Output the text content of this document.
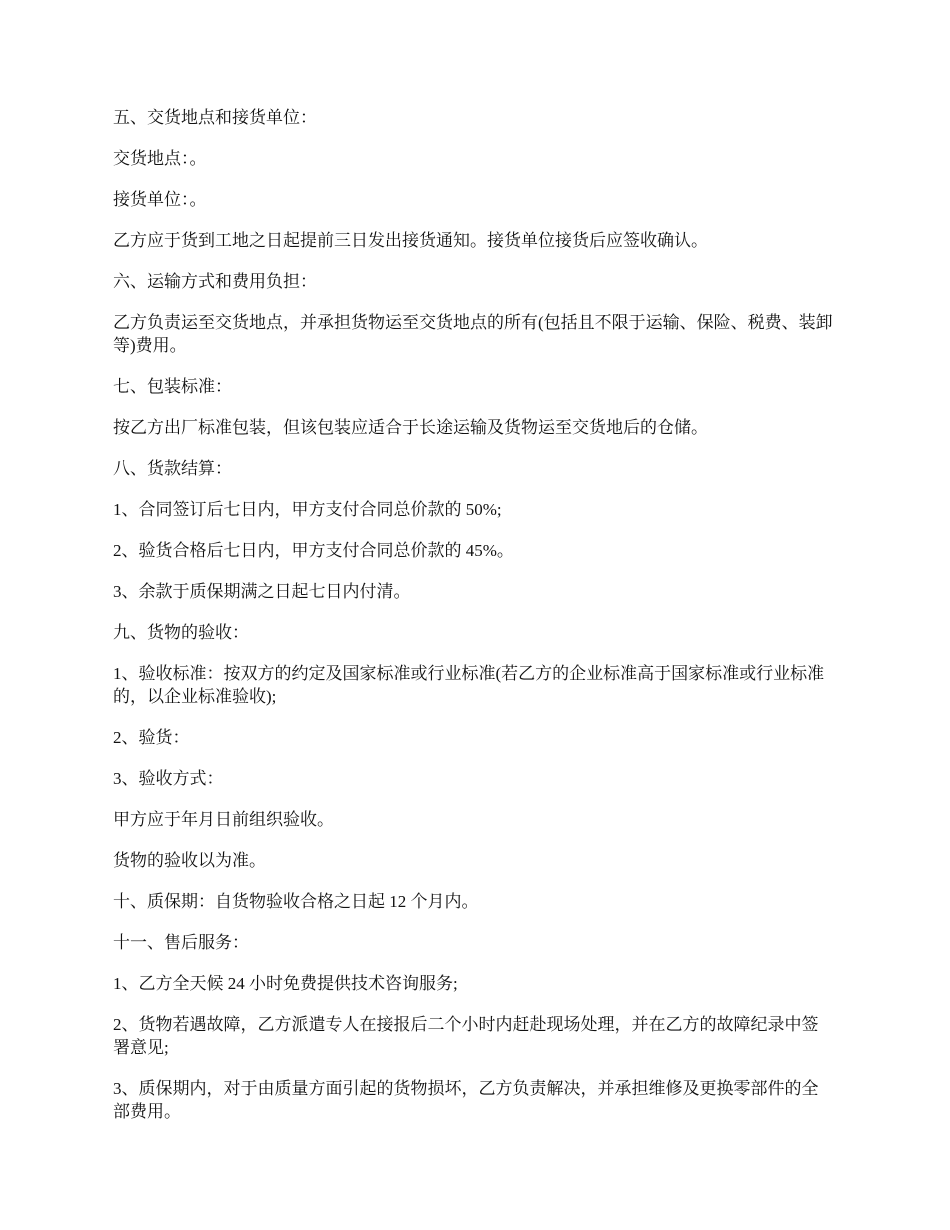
五、交货地点和接货单位：

交货地点：。

接货单位：。

乙方应于货到工地之日起提前三日发出接货通知。接货单位接货后应签收确认。

六、运输方式和费用负担：

乙方负责运至交货地点，并承担货物运至交货地点的所有(包括且不限于运输、保险、税费、装卸等)费用。

七、包装标准：

按乙方出厂标准包装，但该包装应适合于长途运输及货物运至交货地后的仓储。

八、货款结算：

1、合同签订后七日内，甲方支付合同总价款的 50%;

2、验货合格后七日内，甲方支付合同总价款的 45%。

3、余款于质保期满之日起七日内付清。

九、货物的验收：

1、验收标准：按双方的约定及国家标准或行业标准(若乙方的企业标准高于国家标准或行业标准的，以企业标准验收);

2、验货：

3、验收方式：

甲方应于年月日前组织验收。

货物的验收以为准。

十、质保期：自货物验收合格之日起 12 个月内。

十一、售后服务：

1、乙方全天候 24 小时免费提供技术咨询服务;

2、货物若遇故障，乙方派遣专人在接报后二个小时内赶赴现场处理，并在乙方的故障纪录中签署意见;

3、质保期内，对于由质量方面引起的货物损坏，乙方负责解决，并承担维修及更换零部件的全部费用。
